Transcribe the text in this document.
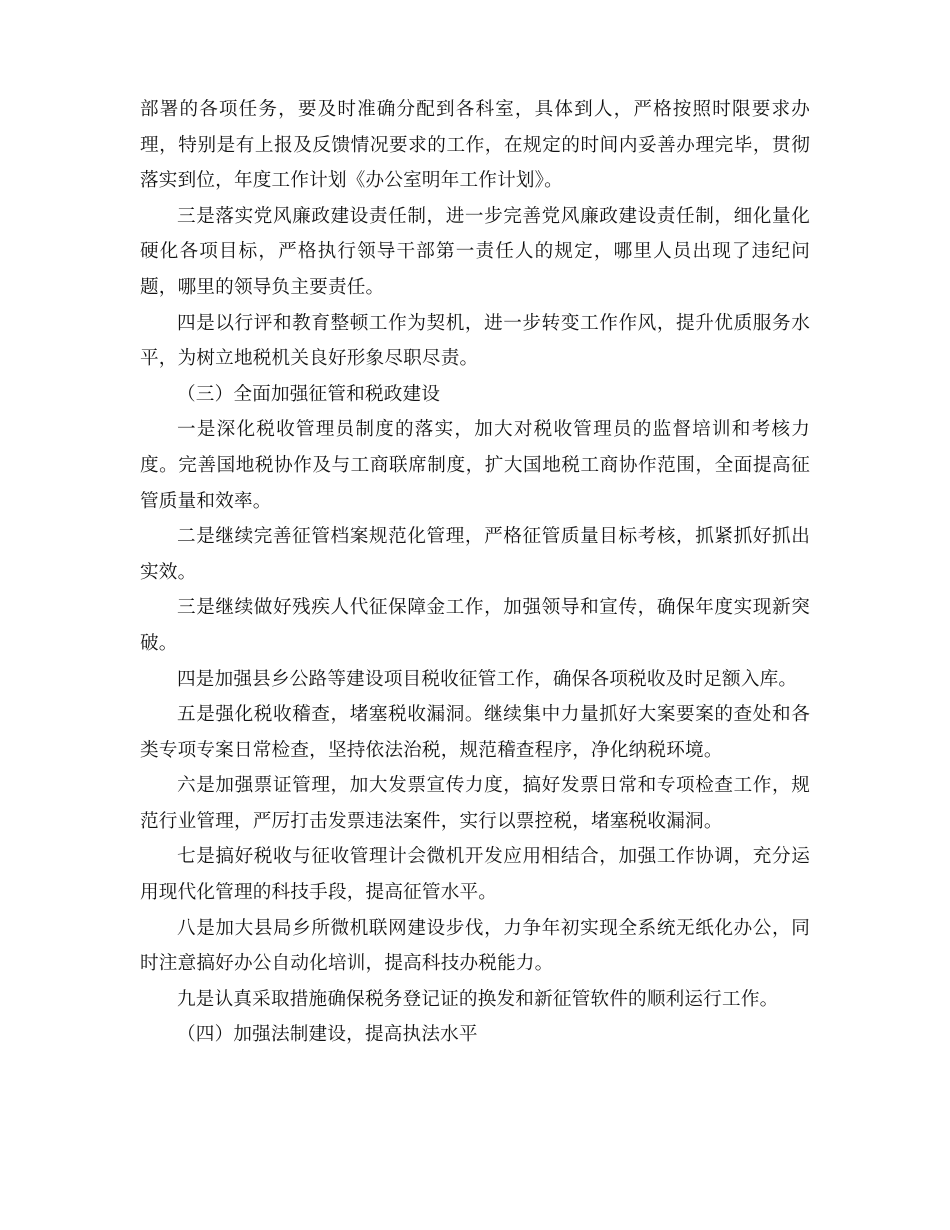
部署的各项任务，要及时准确分配到各科室，具体到人，严格按照时限要求办理，特别是有上报及反馈情况要求的工作，在规定的时间内妥善办理完毕，贯彻落实到位，年度工作计划《办公室明年工作计划》。

三是落实党风廉政建设责任制，进一步完善党风廉政建设责任制，细化量化硬化各项目标，严格执行领导干部第一责任人的规定，哪里人员出现了违纪问题，哪里的领导负主要责任。

四是以行评和教育整顿工作为契机，进一步转变工作作风，提升优质服务水平，为树立地税机关良好形象尽职尽责。

（三）全面加强征管和税政建设

一是深化税收管理员制度的落实，加大对税收管理员的监督培训和考核力度。完善国地税协作及与工商联席制度，扩大国地税工商协作范围，全面提高征管质量和效率。

二是继续完善征管档案规范化管理，严格征管质量目标考核，抓紧抓好抓出实效。

三是继续做好残疾人代征保障金工作，加强领导和宣传，确保年度实现新突破。

四是加强县乡公路等建设项目税收征管工作，确保各项税收及时足额入库。

五是强化税收稽查，堵塞税收漏洞。继续集中力量抓好大案要案的查处和各类专项专案日常检查，坚持依法治税，规范稽查程序，净化纳税环境。

六是加强票证管理，加大发票宣传力度，搞好发票日常和专项检查工作，规范行业管理，严厉打击发票违法案件，实行以票控税，堵塞税收漏洞。

七是搞好税收与征收管理计会微机开发应用相结合，加强工作协调，充分运用现代化管理的科技手段，提高征管水平。

八是加大县局乡所微机联网建设步伐，力争年初实现全系统无纸化办公，同时注意搞好办公自动化培训，提高科技办税能力。

九是认真采取措施确保税务登记证的换发和新征管软件的顺利运行工作。

（四）加强法制建设，提高执法水平
